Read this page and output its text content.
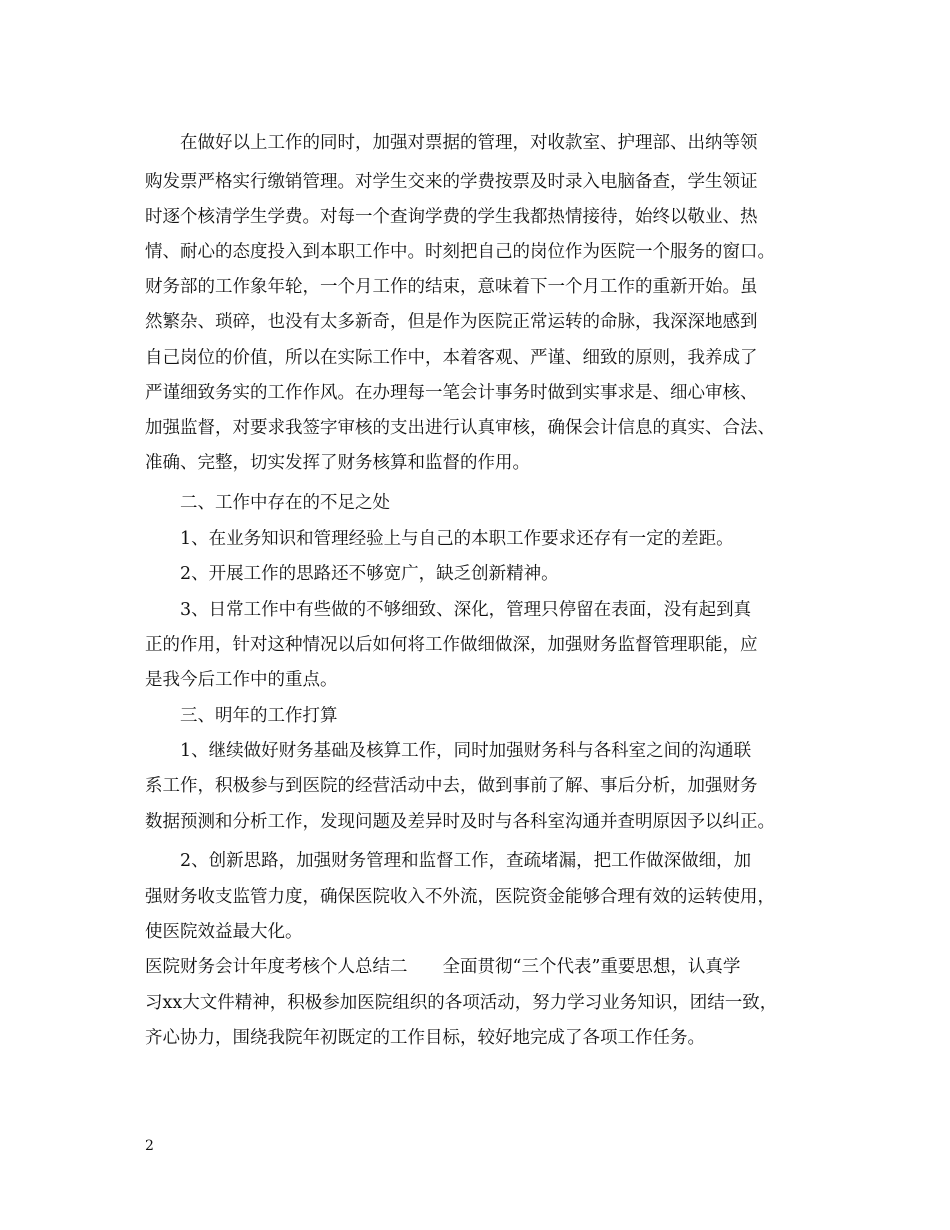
　　在做好以上工作的同时，加强对票据的管理，对收款室、护理部、出纳等领
购发票严格实行缴销管理。对学生交来的学费按票及时录入电脑备查，学生领证
时逐个核清学生学费。对每一个查询学费的学生我都热情接待，始终以敬业、热
情、耐心的态度投入到本职工作中。时刻把自己的岗位作为医院一个服务的窗口。
财务部的工作象年轮，一个月工作的结束，意味着下一个月工作的重新开始。虽
然繁杂、琐碎，也没有太多新奇，但是作为医院正常运转的命脉，我深深地感到
自己岗位的价值，所以在实际工作中，本着客观、严谨、细致的原则，我养成了
严谨细致务实的工作作风。在办理每一笔会计事务时做到实事求是、细心审核、
加强监督，对要求我签字审核的支出进行认真审核，确保会计信息的真实、合法、
准确、完整，切实发挥了财务核算和监督的作用。
　　二、工作中存在的不足之处
　　1、在业务知识和管理经验上与自己的本职工作要求还存有一定的差距。
　　2、开展工作的思路还不够宽广，缺乏创新精神。
　　3、日常工作中有些做的不够细致、深化，管理只停留在表面，没有起到真
正的作用，针对这种情况以后如何将工作做细做深，加强财务监督管理职能，应
是我今后工作中的重点。
　　三、明年的工作打算
　　1、继续做好财务基础及核算工作，同时加强财务科与各科室之间的沟通联
系工作，积极参与到医院的经营活动中去，做到事前了解、事后分析，加强财务
数据预测和分析工作，发现问题及差异时及时与各科室沟通并查明原因予以纠正。
　　2、创新思路，加强财务管理和监督工作，查疏堵漏，把工作做深做细，加
强财务收支监管力度，确保医院收入不外流，医院资金能够合理有效的运转使用，
使医院效益最大化。
医院财务会计年度考核个人总结二　　全面贯彻“三个代表”重要思想，认真学
习xx大文件精神，积极参加医院组织的各项活动，努力学习业务知识，团结一致，
齐心协力，围绕我院年初既定的工作目标，较好地完成了各项工作任务。
2
